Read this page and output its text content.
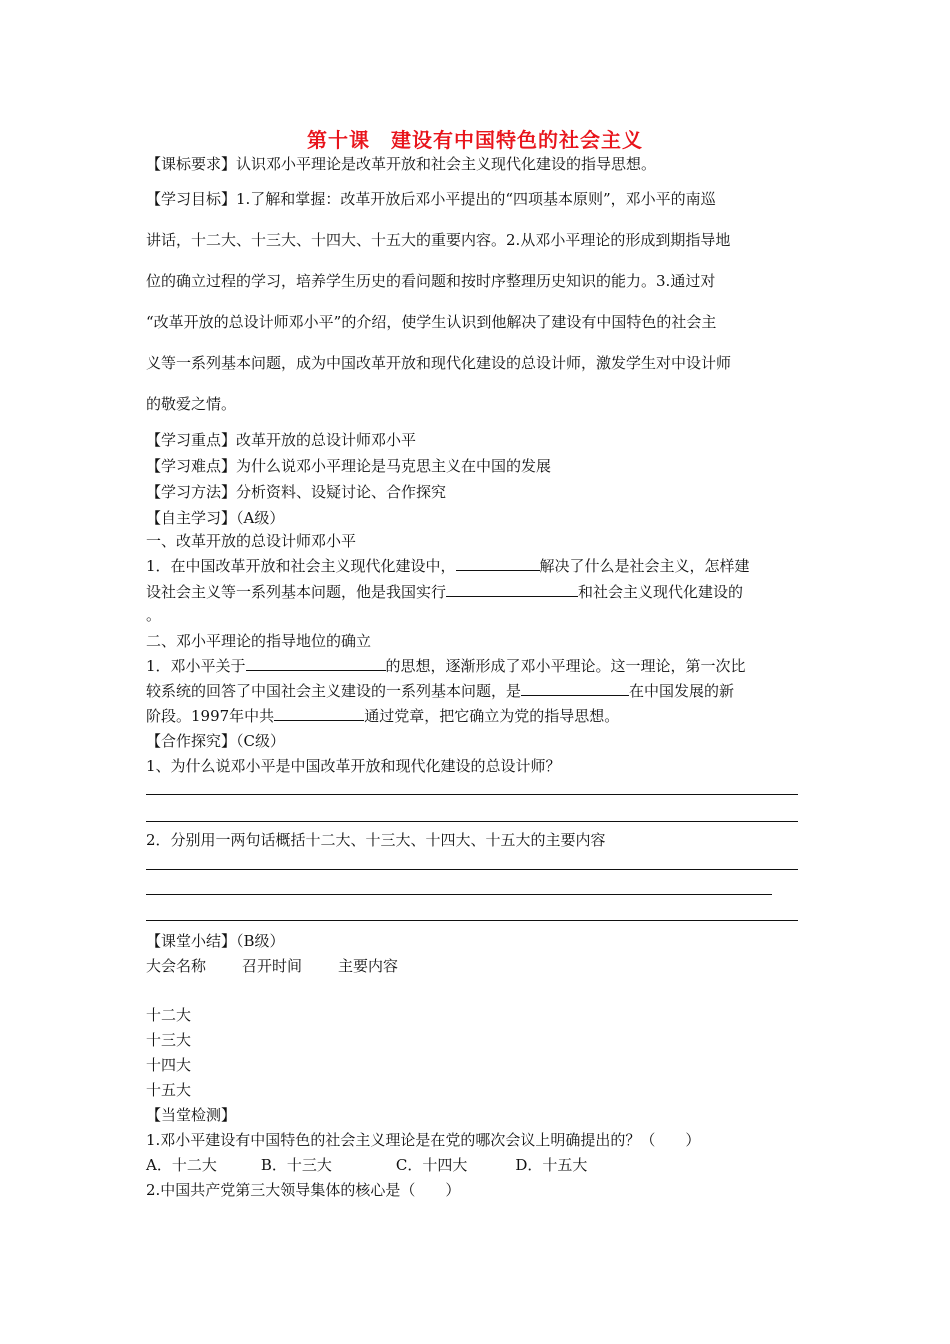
第十课　建设有中国特色的社会主义
【课标要求】认识邓小平理论是改革开放和社会主义现代化建设的指导思想。
【学习目标】1.了解和掌握：改革开放后邓小平提出的“四项基本原则”，邓小平的南巡
讲话，十二大、十三大、十四大、十五大的重要内容。2.从邓小平理论的形成到期指导地
位的确立过程的学习，培养学生历史的看问题和按时序整理历史知识的能力。3.通过对
“改革开放的总设计师邓小平”的介绍，使学生认识到他解决了建设有中国特色的社会主
义等一系列基本问题，成为中国改革开放和现代化建设的总设计师，激发学生对中设计师
的敬爱之情。
【学习重点】改革开放的总设计师邓小平
【学习难点】为什么说邓小平理论是马克思主义在中国的发展
【学习方法】分析资料、设疑讨论、合作探究
【自主学习】（A级）
一、改革开放的总设计师邓小平
1．在中国改革开放和社会主义现代化建设中，	解决了什么是社会主义，怎样建
设社会主义等一系列基本问题，他是我国实行	和社会主义现代化建设的
。
二、邓小平理论的指导地位的确立
1．邓小平关于	的思想，逐渐形成了邓小平理论。这一理论，第一次比
较系统的回答了中国社会主义建设的一系列基本问题，是	在中国发展的新
阶段。1997年中共	通过党章，把它确立为党的指导思想。
【合作探究】（C级）
1、为什么说邓小平是中国改革开放和现代化建设的总设计师？
2．分别用一两句话概括十二大、十三大、十四大、十五大的主要内容
【课堂小结】（B级）
大会名称 召开时间 主要内容
十二大
十三大
十四大
十五大
【当堂检测】
1.邓小平建设有中国特色的社会主义理论是在党的哪次会议上明确提出的？（　　）
A．十二大	B．十三大	C．十四大	D．十五大
2.中国共产党第三大领导集体的核心是（　　）
